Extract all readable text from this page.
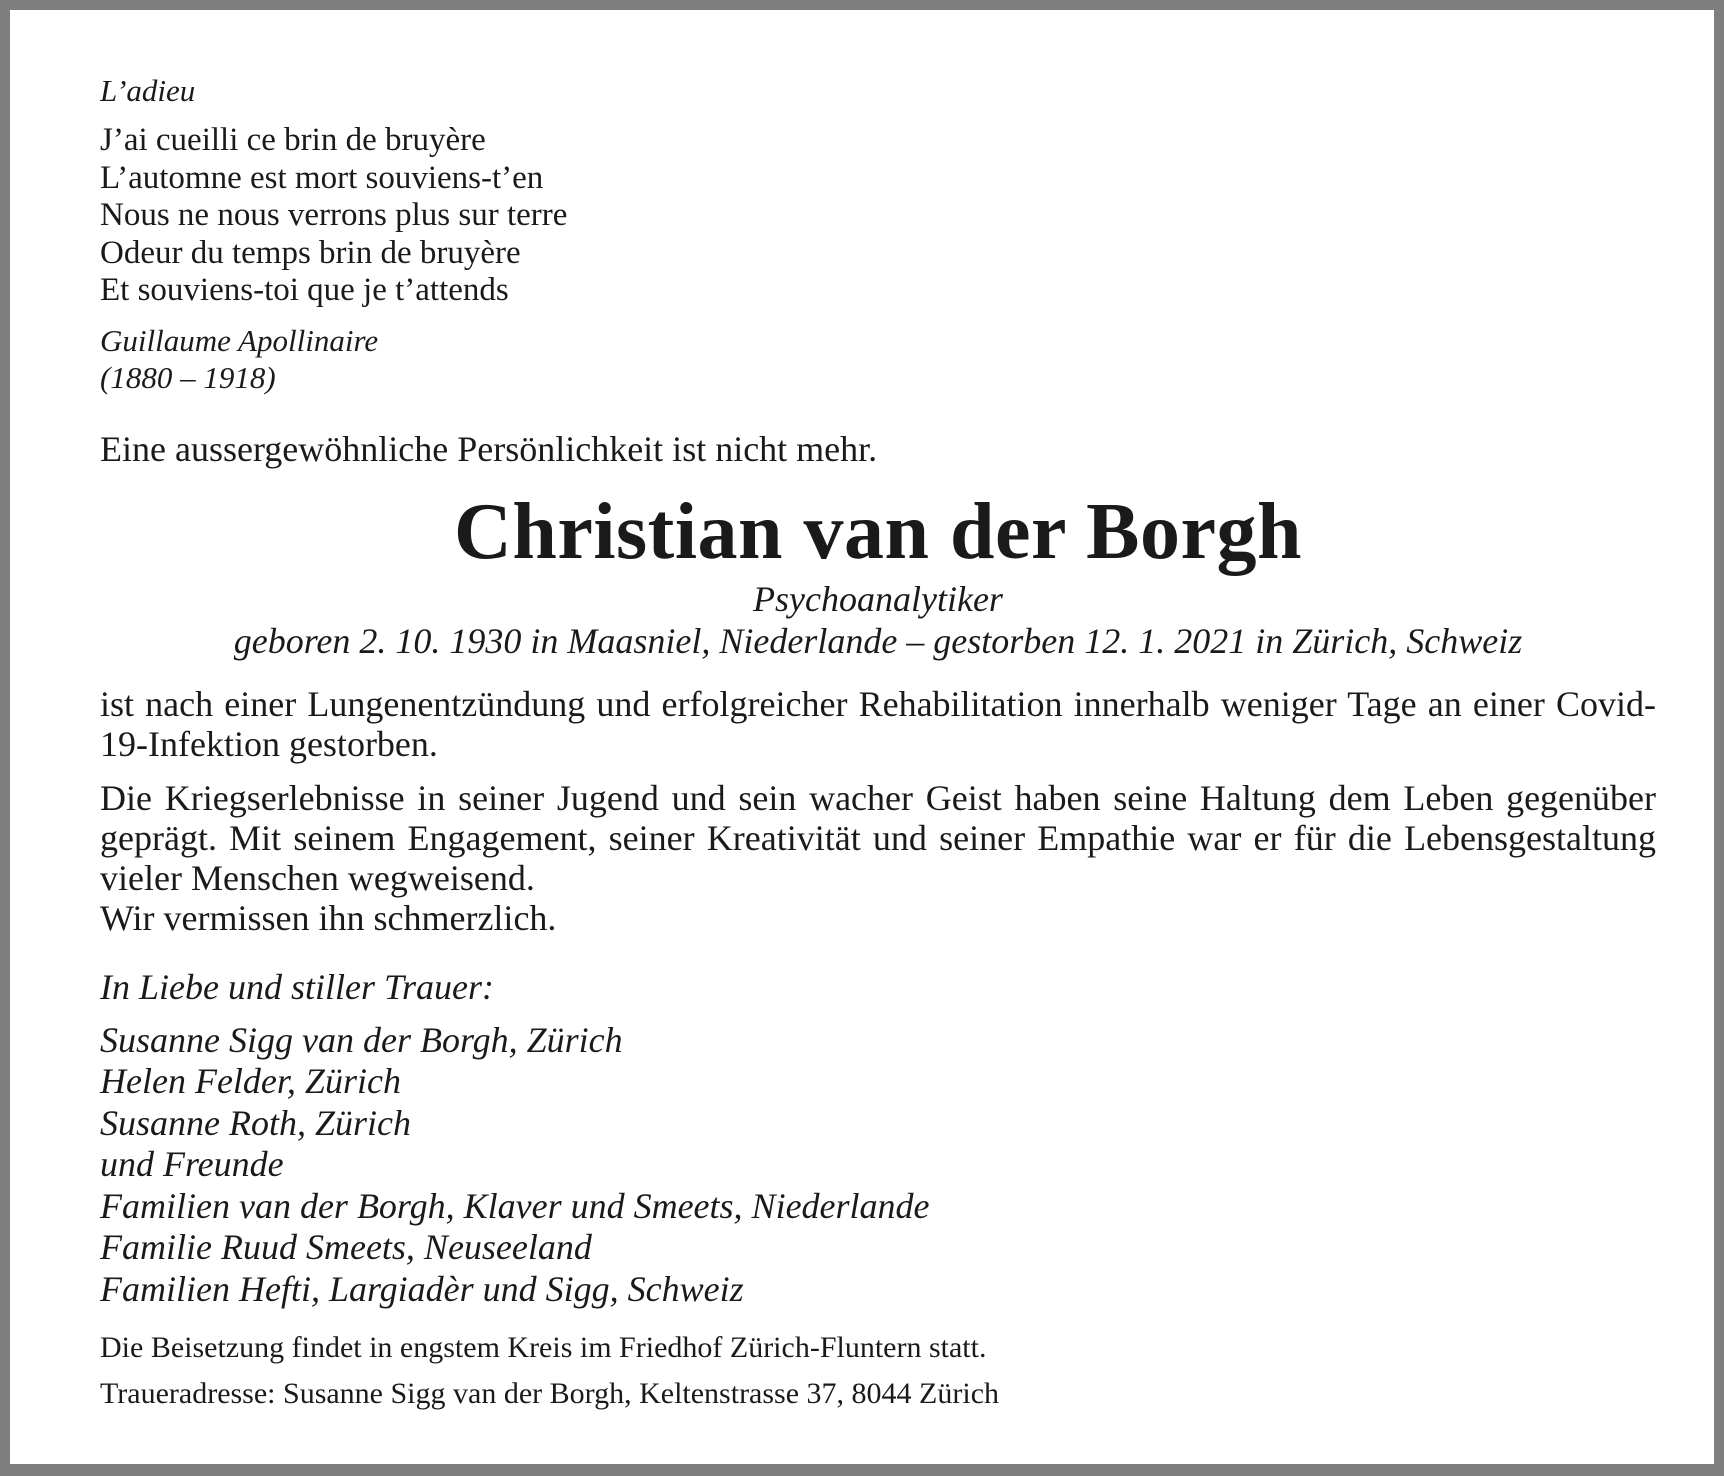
L’adieu
J’ai cueilli ce brin de bruyère
L’automne est mort souviens-t’en
Nous ne nous verrons plus sur terre
Odeur du temps brin de bruyère
Et souviens-toi que je t’attends
Guillaume Apollinaire
(1880 – 1918)
Eine aussergewöhnliche Persönlichkeit ist nicht mehr.
Christian van der Borgh
Psychoanalytiker
geboren 2. 10. 1930 in Maasniel, Niederlande – gestorben 12. 1. 2021 in Zürich, Schweiz

ist nach einer Lungenentzündung und erfolgreicher Rehabilitation innerhalb weniger Tage an einer Covid-19-Infektion gestorben.

Die Kriegserlebnisse in seiner Jugend und sein wacher Geist haben seine Haltung dem Leben gegenüber geprägt. Mit seinem Engagement, seiner Kreativität und seiner Empathie war er für die Lebensgestaltung vieler Menschen wegweisend.

Wir vermissen ihn schmerzlich.

In Liebe und stiller Trauer:
Susanne Sigg van der Borgh, Zürich
Helen Felder, Zürich
Susanne Roth, Zürich
und Freunde
Familien van der Borgh, Klaver und Smeets, Niederlande
Familie Ruud Smeets, Neuseeland
Familien Hefti, Largiadèr und Sigg, Schweiz
Die Beisetzung findet in engstem Kreis im Friedhof Zürich-Fluntern statt.
Traueradresse: Susanne Sigg van der Borgh, Keltenstrasse 37, 8044 Zürich
